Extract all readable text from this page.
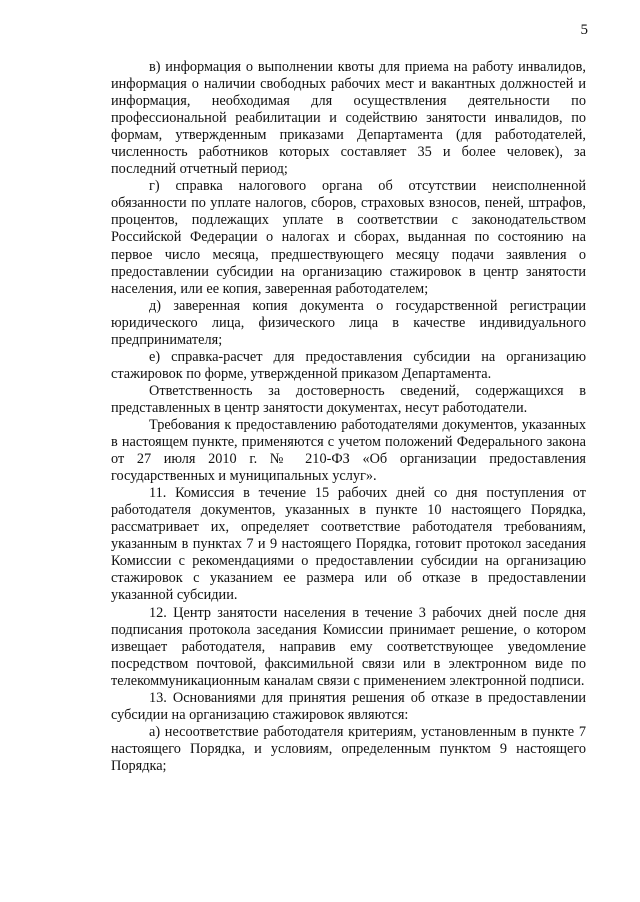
5

в) информация о выполнении квоты для приема на работу инвалидов, информация о наличии свободных рабочих мест и вакантных должностей и информация, необходимая для осуществления деятельности по профессиональной реабилитации и содействию занятости инвалидов, по формам, утвержденным приказами Департамента (для работодателей, численность работников которых составляет 35 и более человек), за последний отчетный период;

г) справка налогового органа об отсутствии неисполненной обязанности по уплате налогов, сборов, страховых взносов, пеней, штрафов, процентов, подлежащих уплате в соответствии с законодательством Российской Федерации о налогах и сборах, выданная по состоянию на первое число месяца, предшествующего месяцу подачи заявления о предоставлении субсидии на организацию стажировок в центр занятости населения, или ее копия, заверенная работодателем;

д) заверенная копия документа о государственной регистрации юридического лица, физического лица в качестве индивидуального предпринимателя;

е) справка-расчет для предоставления субсидии на организацию стажировок по форме, утвержденной приказом Департамента.

Ответственность за достоверность сведений, содержащихся в представленных в центр занятости документах, несут работодатели.

Требования к предоставлению работодателями документов, указанных в настоящем пункте, применяются с учетом положений Федерального закона от 27 июля 2010 г. № 210-ФЗ «Об организации предоставления государственных и муниципальных услуг».

11. Комиссия в течение 15 рабочих дней со дня поступления от работодателя документов, указанных в пункте 10 настоящего Порядка, рассматривает их, определяет соответствие работодателя требованиям, указанным в пунктах 7 и 9 настоящего Порядка, готовит протокол заседания Комиссии с рекомендациями о предоставлении субсидии на организацию стажировок с указанием ее размера или об отказе в предоставлении указанной субсидии.

12. Центр занятости населения в течение 3 рабочих дней после дня подписания протокола заседания Комиссии принимает решение, о котором извещает работодателя, направив ему соответствующее уведомление посредством почтовой, факсимильной связи или в электронном виде по телекоммуникационным каналам связи с применением электронной подписи.

13. Основаниями для принятия решения об отказе в предоставлении субсидии на организацию стажировок являются:

а) несоответствие работодателя критериям, установленным в пункте 7 настоящего Порядка, и условиям, определенным пунктом 9 настоящего Порядка;
